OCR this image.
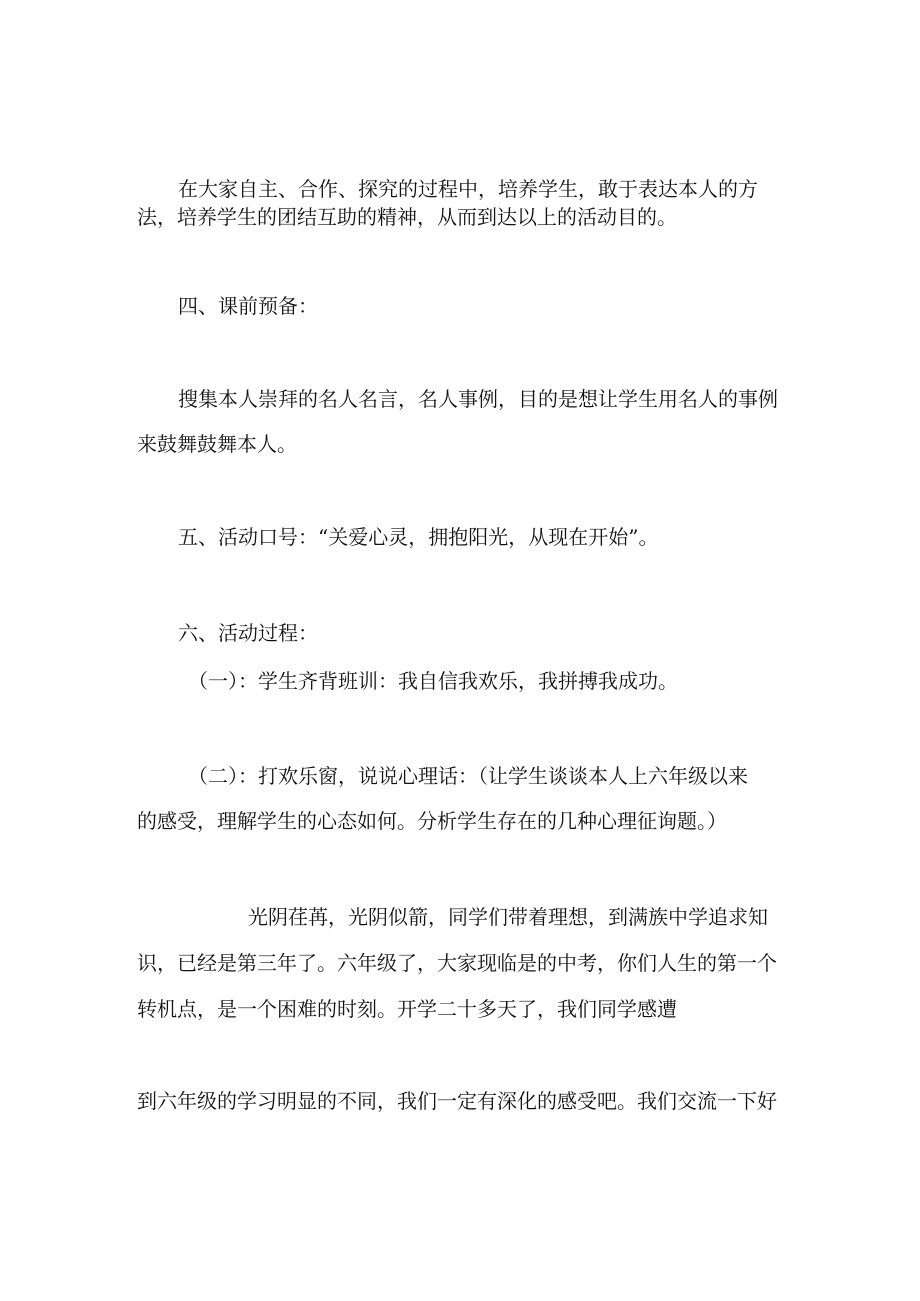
在大家自主、合作、探究的过程中，培养学生，敢于表达本人的方

法，培养学生的团结互助的精神，从而到达以上的活动目的。

四、课前预备：

搜集本人崇拜的名人名言，名人事例，目的是想让学生用名人的事例

来鼓舞鼓舞本人。

五、活动口号：“关爱心灵，拥抱阳光，从现在开始”。

六、活动过程：

（一）：学生齐背班训：我自信我欢乐，我拼搏我成功。

（二）：打欢乐窗，说说心理话：（让学生谈谈本人上六年级以来

的感受，理解学生的心态如何。分析学生存在的几种心理征询题。）

光阴荏苒，光阴似箭，同学们带着理想，到满族中学追求知

识，已经是第三年了。六年级了，大家现临是的中考，你们人生的第一个

转机点，是一个困难的时刻。开学二十多天了，我们同学感遭

到六年级的学习明显的不同，我们一定有深化的感受吧。我们交流一下好
